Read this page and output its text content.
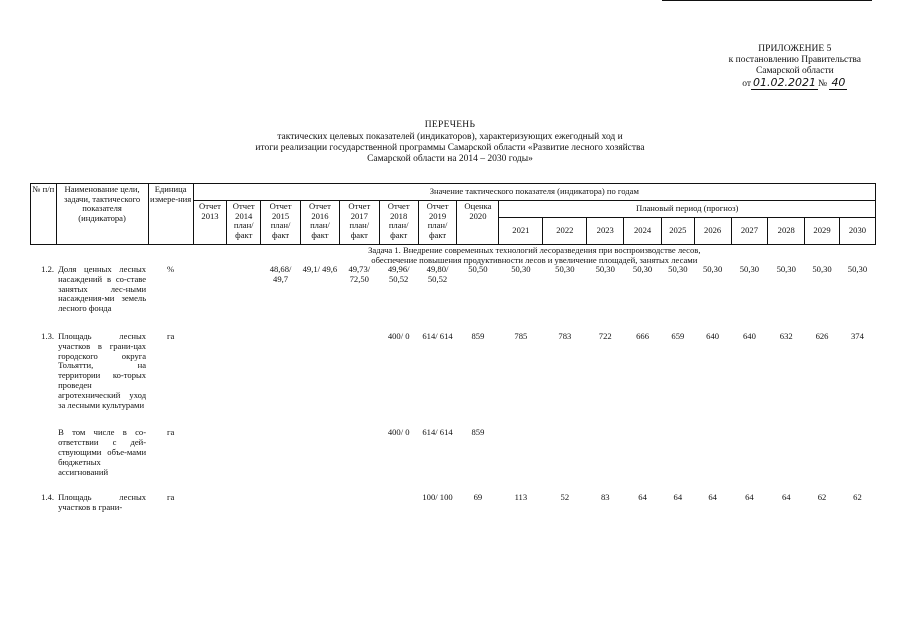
ПРИЛОЖЕНИЕ 5
к постановлению Правительства
Самарской области
от 01.02.2021 № 40
ПЕРЕЧЕНЬ
тактических целевых показателей (индикаторов), характеризующих ежегодный ход и
итоги реализации государственной программы Самарской области «Развитие лесного хозяйства
Самарской области на 2014 – 2030 годы»
№ п/п	Наименование цели, задачи, тактического показателя (индикатора)	Единица измере-ния	Значение тактического показателя (индикатора) по годам																	
			Отчет 2013	Отчет 2014 план/ факт	Отчет 2015 план/ факт	Отчет 2016 план/ факт	Отчет 2017 план/ факт	Отчет 2018 план/ факт	Отчет 2019 план/ факт	Оценка 2020	Плановый период (прогноз)									
											2021	2022	2023	2024	2025	2026	2027	2028	2029	2030

			Задача 1. Внедрение современных технологий лесоразведения при воспроизводстве лесов,
обеспечение повышения продуктивности лесов и увеличение площадей, занятых лесами																	

1.2.	Доля ценных лесных насаждений в со-ставе занятых лес-ными насаждения-ми земель лесного фонда	%			48,68/ 49,7	49,1/ 49,6	49,73/ 72,50	49,96/ 50,52	49,80/ 50,52	50,50	50,30	50,30	50,30	50,30	50,30	50,30	50,30	50,30	50,30	50,30
1.3.	Площадь лесных участков в грани-цах городского округа Тольятти, на территории ко-торых проведен агротехнический уход за лесными культурами	га						400/ 0	614/ 614	859	785	783	722	666	659	640	640	632	626	374
	В том числе в со-ответствии с дей-ствующими объе-мами бюджетных ассигнований	га						400/ 0	614/ 614	859										
1.4.	Площадь лесных участков в грани-	га							100/ 100	69	113	52	83	64	64	64	64	64	62	62
